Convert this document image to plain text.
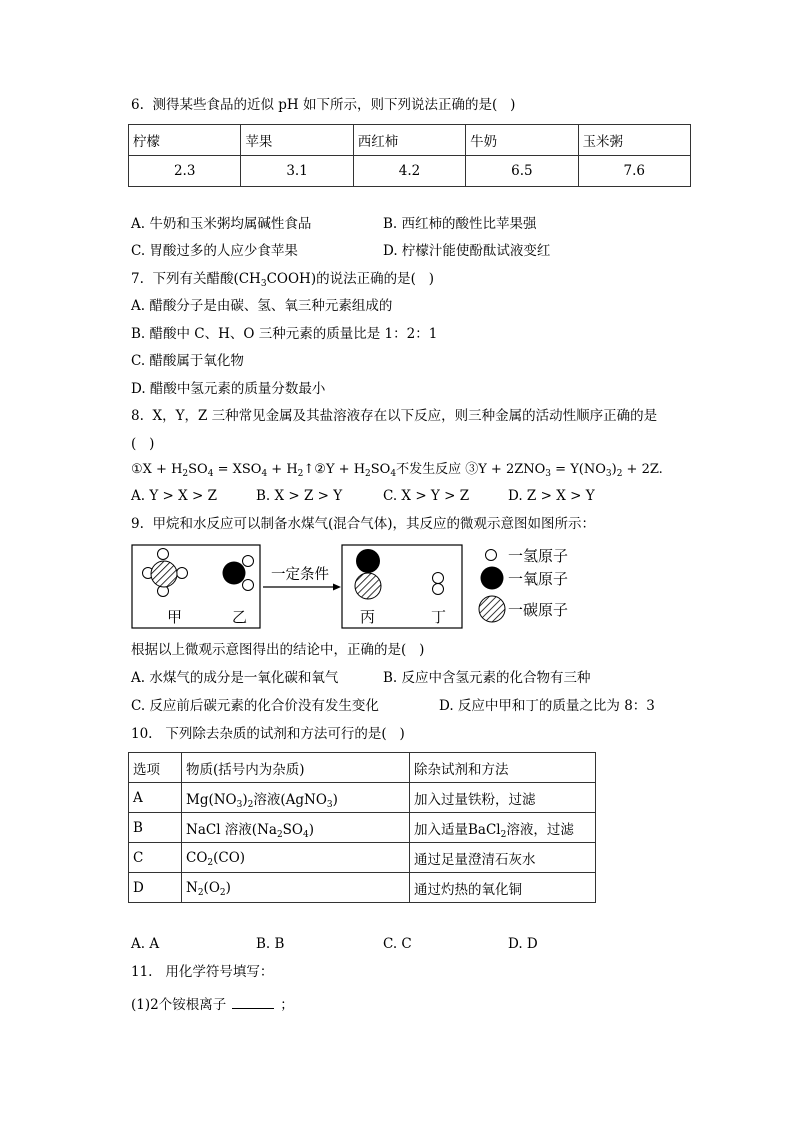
6.  测得某些食品的近似 pH 如下所示，则下列说法正确的是(   )
柠檬	苹果	西红柿	牛奶	玉米粥
2.3	3.1	4.2	6.5	7.6
A. 牛奶和玉米粥均属碱性食品	B. 西红柿的酸性比苹果强
C. 胃酸过多的人应少食苹果	D. 柠檬汁能使酚酞试液变红
7.  下列有关醋酸$(CH_3COOH)$的说法正确的是(   )
A. 醋酸分子是由碳、氢、氧三种元素组成的
B. 醋酸中 C、H、O 三种元素的质量比是 1：2：1
C. 醋酸属于氧化物
D. 醋酸中氢元素的质量分数最小
8.  X，Y，Z 三种常见金属及其盐溶液存在以下反应，则三种金属的活动性顺序正确的是
(   )
①X + $H_2SO_4 = XSO_4$ + $H_2↑②Y + H_2SO_4$不发生反应 ③Y + $2ZNO_3 = Y(NO_3)_2 + 2Z$.
A. Y > X > Z	B. X > Z > Y	C. X > Y > Z	D. Z > X > Y
9.  甲烷和水反应可以制备水煤气(混合气体)，其反应的微观示意图如图所示：
甲	乙
一定条件
丙	丁
一氢原子
一氧原子
一碳原子
根据以上微观示意图得出的结论中，正确的是(   )
A. 水煤气的成分是一氧化碳和氧气	B. 反应中含氢元素的化合物有三种
C. 反应前后碳元素的化合价没有发生变化	D. 反应中甲和丁的质量之比为 8：3
10.   下列除去杂质的试剂和方法可行的是(   )
选项	物质(括号内为杂质)	除杂试剂和方法
A	$Mg(NO_3)_2$溶液(AgNO$_3$)	加入过量铁粉，过滤
B	NaCl 溶液$(Na_2SO_4)$	加入适量BaCl$_2$溶液，过滤
C	$CO_2(CO)$	通过足量澄清石灰水
D	$N_2(O_2)$	通过灼热的氧化铜
A. A	B. B	C. C	D. D
11.   用化学符号填写：
(1)2个铵根离子	；
